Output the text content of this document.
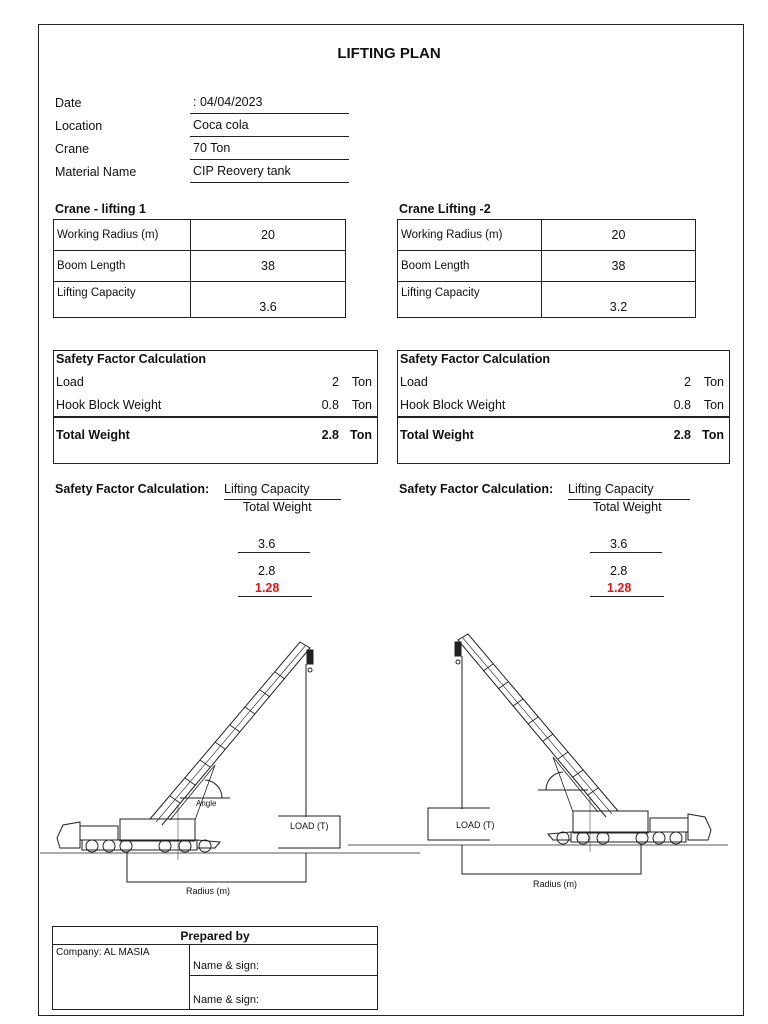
LIFTING PLAN
Date	: 04/04/2023
Location	Coca cola
Crane	70 Ton
Material Name	CIP Reovery tank
Crane - lifting 1
Working Radius (m)	20
Boom Length	38
Lifting Capacity	3.6
Crane Lifting -2
Working Radius (m)	20
Boom Length	38
Lifting Capacity	3.2
Safety Factor Calculation
Load	2 Ton
Hook Block Weight	0.8 Ton
Total Weight	2.8 Ton
Safety Factor Calculation
Load	2 Ton
Hook Block Weight	0.8 Ton
Total Weight	2.8 Ton
Safety Factor Calculation: Lifting Capacity
Total Weight
3.6
2.8
1.28
Safety Factor Calculation: Lifting Capacity
Total Weight
3.6
2.8
1.28
LOAD (T)	LOAD (T)
Radius (m)
Radius (m)
Angle
Prepared by
Company: AL MASIA	Name & sign:
Name & sign:
